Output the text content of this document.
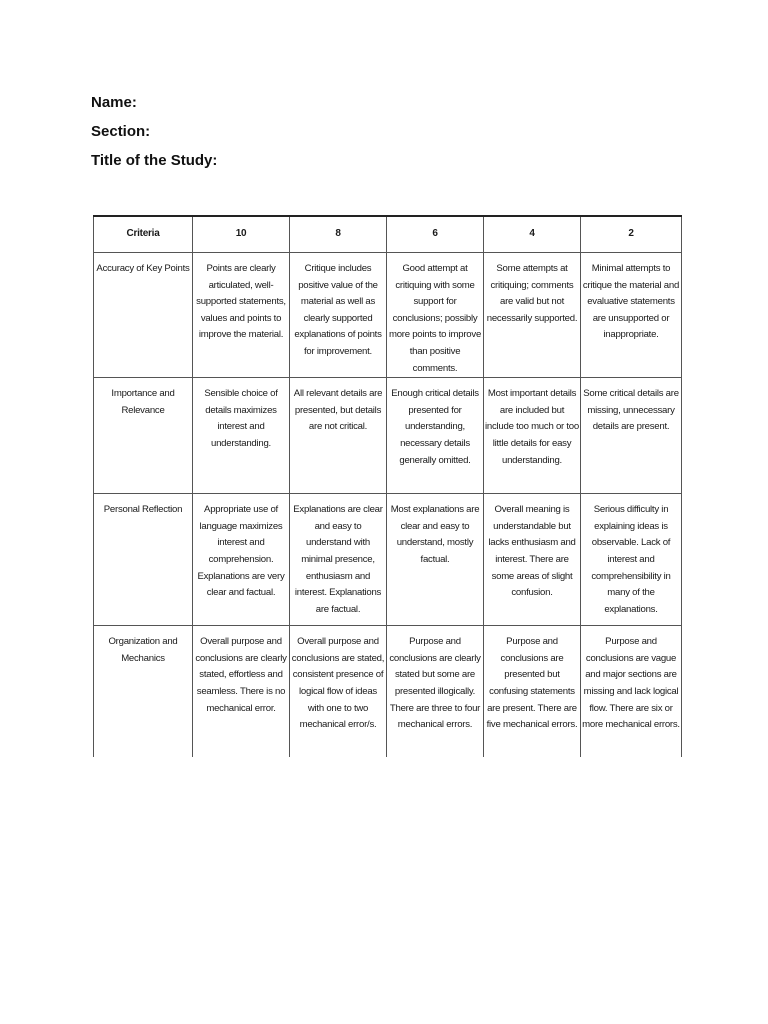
Name:
Section:
Title of the Study:
Criteria	10	8	6	4	2
Accuracy of Key Points	Points are clearly articulated, well-supported statements, values and points to improve the material.	Critique includes positive value of the material as well as clearly supported explanations of points for improvement.	Good attempt at critiquing with some support for conclusions; possibly more points to improve than positive comments.	Some attempts at critiquing; comments are valid but not necessarily supported.	Minimal attempts to critique the material and evaluative statements are unsupported or inappropriate.
Importance and Relevance	Sensible choice of details maximizes interest and understanding.	All relevant details are presented, but details are not critical.	Enough critical details presented for understanding, necessary details generally omitted.	Most important details are included but include too much or too little details for easy understanding.	Some critical details are missing, unnecessary details are present.
Personal Reflection	Appropriate use of language maximizes interest and comprehension. Explanations are very clear and factual.	Explanations are clear and easy to understand with minimal presence, enthusiasm and interest. Explanations are factual.	Most explanations are clear and easy to understand, mostly factual.	Overall meaning is understandable but lacks enthusiasm and interest. There are some areas of slight confusion.	Serious difficulty in explaining ideas is observable. Lack of interest and comprehensibility in many of the explanations.
Organization and Mechanics	Overall purpose and conclusions are clearly stated, effortless and seamless. There is no mechanical error.	Overall purpose and conclusions are stated, consistent presence of logical flow of ideas with one to two mechanical error/s.	Purpose and conclusions are clearly stated but some are presented illogically. There are three to four mechanical errors.	Purpose and conclusions are presented but confusing statements are present. There are five mechanical errors.	Purpose and conclusions are vague and major sections are missing and lack logical flow. There are six or more mechanical errors.
